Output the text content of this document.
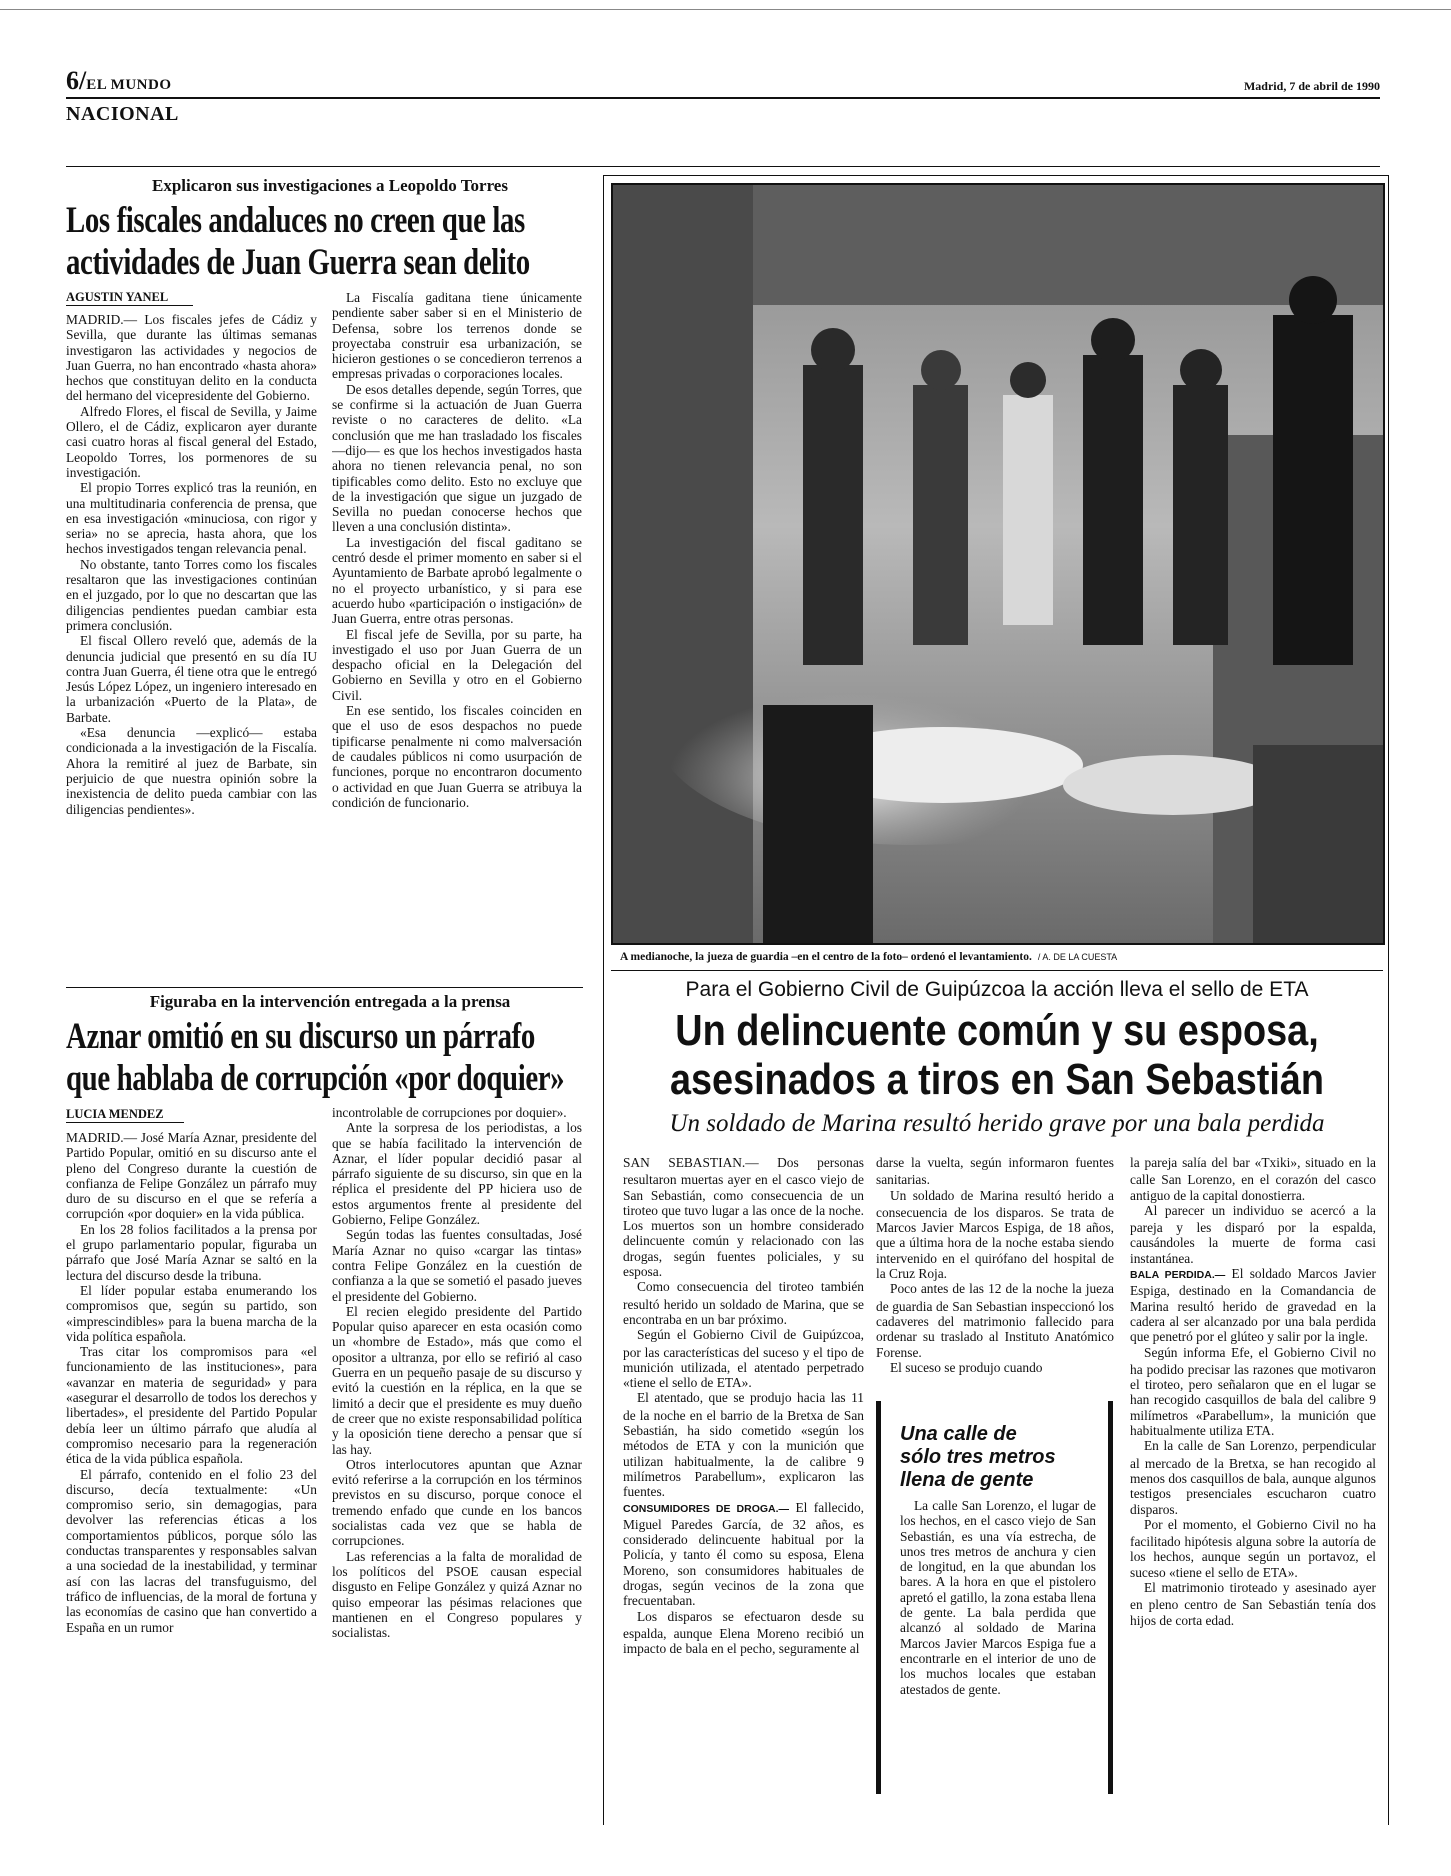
6/EL MUNDO	Madrid, 7 de abril de 1990
NACIONAL
Explicaron sus investigaciones a Leopoldo Torres
Los fiscales andaluces no creen que las
actividades de Juan Guerra sean delito
AGUSTIN YANEL

MADRID.— Los fiscales jefes de Cádiz y Sevilla, que durante las últimas semanas investigaron las actividades y negocios de Juan Guerra, no han encontrado «hasta ahora» hechos que constituyan delito en la conducta del hermano del vicepresidente del Gobierno.

Alfredo Flores, el fiscal de Sevilla, y Jaime Ollero, el de Cádiz, explicaron ayer durante casi cuatro horas al fiscal general del Estado, Leopoldo Torres, los pormenores de su investigación.

El propio Torres explicó tras la reunión, en una multitudinaria conferencia de prensa, que en esa investigación «minuciosa, con rigor y seria» no se aprecia, hasta ahora, que los hechos investigados tengan relevancia penal.

No obstante, tanto Torres como los fiscales resaltaron que las investigaciones continúan en el juzgado, por lo que no descartan que las diligencias pendientes puedan cambiar esta primera conclusión.

El fiscal Ollero reveló que, además de la denuncia judicial que presentó en su día IU contra Juan Guerra, él tiene otra que le entregó Jesús López López, un ingeniero interesado en la urbanización «Puerto de la Plata», de Barbate.

«Esa denuncia —explicó— estaba condicionada a la investigación de la Fiscalía. Ahora la remitiré al juez de Barbate, sin perjuicio de que nuestra opinión sobre la inexistencia de delito pueda cambiar con las diligencias pendientes».

La Fiscalía gaditana tiene únicamente pendiente saber saber si en el Ministerio de Defensa, sobre los terrenos donde se proyectaba construir esa urbanización, se hicieron gestiones o se concedieron terrenos a empresas privadas o corporaciones locales.

De esos detalles depende, según Torres, que se confirme si la actuación de Juan Guerra reviste o no caracteres de delito. «La conclusión que me han trasladado los fiscales —dijo— es que los hechos investigados hasta ahora no tienen relevancia penal, no son tipificables como delito. Esto no excluye que de la investigación que sigue un juzgado de Sevilla no puedan conocerse hechos que lleven a una conclusión distinta».

La investigación del fiscal gaditano se centró desde el primer momento en saber si el Ayuntamiento de Barbate aprobó legalmente o no el proyecto urbanístico, y si para ese acuerdo hubo «participación o instigación» de Juan Guerra, entre otras personas.

El fiscal jefe de Sevilla, por su parte, ha investigado el uso por Juan Guerra de un despacho oficial en la Delegación del Gobierno en Sevilla y otro en el Gobierno Civil.

En ese sentido, los fiscales coinciden en que el uso de esos despachos no puede tipificarse penalmente ni como malversación de caudales públicos ni como usurpación de funciones, porque no encontraron documento o actividad en que Juan Guerra se atribuya la condición de funcionario.

Figuraba en la intervención entregada a la prensa
Aznar omitió en su discurso un párrafo
que hablaba de corrupción «por doquier»
LUCIA MENDEZ

MADRID.— José María Aznar, presidente del Partido Popular, omitió en su discurso ante el pleno del Congreso durante la cuestión de confianza de Felipe González un párrafo muy duro de su discurso en el que se refería a corrupción «por doquier» en la vida pública.

En los 28 folios facilitados a la prensa por el grupo parlamentario popular, figuraba un párrafo que José María Aznar se saltó en la lectura del discurso desde la tribuna.

El líder popular estaba enumerando los compromisos que, según su partido, son «imprescindibles» para la buena marcha de la vida política española.

Tras citar los compromisos para «el funcionamiento de las instituciones», para «avanzar en materia de seguridad» y para «asegurar el desarrollo de todos los derechos y libertades», el presidente del Partido Popular debía leer un último párrafo que aludía al compromiso necesario para la regeneración ética de la vida pública española.

El párrafo, contenido en el folio 23 del discurso, decía textualmente: «Un compromiso serio, sin demagogias, para devolver las referencias éticas a los comportamientos públicos, porque sólo las conductas transparentes y responsables salvan a una sociedad de la inestabilidad, y terminar así con las lacras del transfuguismo, del tráfico de influencias, de la moral de fortuna y las economías de casino que han convertido a España en un rumor

incontrolable de corrupciones por doquier».

Ante la sorpresa de los periodistas, a los que se había facilitado la intervención de Aznar, el líder popular decidió pasar al párrafo siguiente de su discurso, sin que en la réplica el presidente del PP hiciera uso de estos argumentos frente al presidente del Gobierno, Felipe González.

Según todas las fuentes consultadas, José María Aznar no quiso «cargar las tintas» contra Felipe González en la cuestión de confianza a la que se sometió el pasado jueves el presidente del Gobierno.

El recien elegido presidente del Partido Popular quiso aparecer en esta ocasión como un «hombre de Estado», más que como el opositor a ultranza, por ello se refirió al caso Guerra en un pequeño pasaje de su discurso y evitó la cuestión en la réplica, en la que se limitó a decir que el presidente es muy dueño de creer que no existe responsabilidad política y la oposición tiene derecho a pensar que sí las hay.

Otros interlocutores apuntan que Aznar evitó referirse a la corrupción en los términos previstos en su discurso, porque conoce el tremendo enfado que cunde en los bancos socialistas cada vez que se habla de corrupciones.

Las referencias a la falta de moralidad de los políticos del PSOE causan especial disgusto en Felipe González y quizá Aznar no quiso empeorar las pésimas relaciones que mantienen en el Congreso populares y socialistas.

A medianoche, la jueza de guardia –en el centro de la foto– ordenó el levantamiento. / A. DE LA CUESTA
Para el Gobierno Civil de Guipúzcoa la acción lleva el sello de ETA
Un delincuente común y su esposa,
asesinados a tiros en San Sebastián
Un soldado de Marina resultó herido grave por una bala perdida

SAN SEBASTIAN.— Dos personas resultaron muertas ayer en el casco viejo de San Sebastián, como consecuencia de un tiroteo que tuvo lugar a las once de la noche. Los muertos son un hombre considerado delincuente común y relacionado con las drogas, según fuentes policiales, y su esposa.

Como consecuencia del tiroteo también resultó herido un soldado de Marina, que se encontraba en un bar próximo.

Según el Gobierno Civil de Guipúzcoa, por las características del suceso y el tipo de munición utilizada, el atentado perpetrado «tiene el sello de ETA».

El atentado, que se produjo hacia las 11 de la noche en el barrio de la Bretxa de San Sebastián, ha sido cometido «según los métodos de ETA y con la munición que utilizan habitualmente, la de calibre 9 milímetros Parabellum», explicaron las fuentes.

CONSUMIDORES DE DROGA.— El fallecido, Miguel Paredes García, de 32 años, es considerado delincuente habitual por la Policía, y tanto él como su esposa, Elena Moreno, son consumidores habituales de drogas, según vecinos de la zona que frecuentaban.

Los disparos se efectuaron desde su espalda, aunque Elena Moreno recibió un impacto de bala en el pecho, seguramente al

darse la vuelta, según informaron fuentes sanitarias.

Un soldado de Marina resultó herido a consecuencia de los disparos. Se trata de Marcos Javier Marcos Espiga, de 18 años, que a última hora de la noche estaba siendo intervenido en el quirófano del hospital de la Cruz Roja.

Poco antes de las 12 de la noche la jueza de guardia de San Sebastian inspeccionó los cadaveres del matrimonio fallecido para ordenar su traslado al Instituto Anatómico Forense.

El suceso se produjo cuando

Una calle de
sólo tres metros
llena de gente

La calle San Lorenzo, el lugar de los hechos, en el casco viejo de San Sebastián, es una vía estrecha, de unos tres metros de anchura y cien de longitud, en la que abundan los bares. A la hora en que el pistolero apretó el gatillo, la zona estaba llena de gente. La bala perdida que alcanzó al soldado de Marina Marcos Javier Marcos Espiga fue a encontrarle en el interior de uno de los muchos locales que estaban atestados de gente.

la pareja salía del bar «Txiki», situado en la calle San Lorenzo, en el corazón del casco antiguo de la capital donostierra.

Al parecer un individuo se acercó a la pareja y les disparó por la espalda, causándoles la muerte de forma casi instantánea.

BALA PERDIDA.— El soldado Marcos Javier Espiga, destinado en la Comandancia de Marina resultó herido de gravedad en la cadera al ser alcanzado por una bala perdida que penetró por el glúteo y salir por la ingle.

Según informa Efe, el Gobierno Civil no ha podido precisar las razones que motivaron el tiroteo, pero señalaron que en el lugar se han recogido casquillos de bala del calibre 9 milímetros «Parabellum», la munición que habitualmente utiliza ETA.

En la calle de San Lorenzo, perpendicular al mercado de la Bretxa, se han recogido al menos dos casquillos de bala, aunque algunos testigos presenciales escucharon cuatro disparos.

Por el momento, el Gobierno Civil no ha facilitado hipótesis alguna sobre la autoría de los hechos, aunque según un portavoz, el suceso «tiene el sello de ETA».

El matrimonio tiroteado y asesinado ayer en pleno centro de San Sebastián tenía dos hijos de corta edad.
